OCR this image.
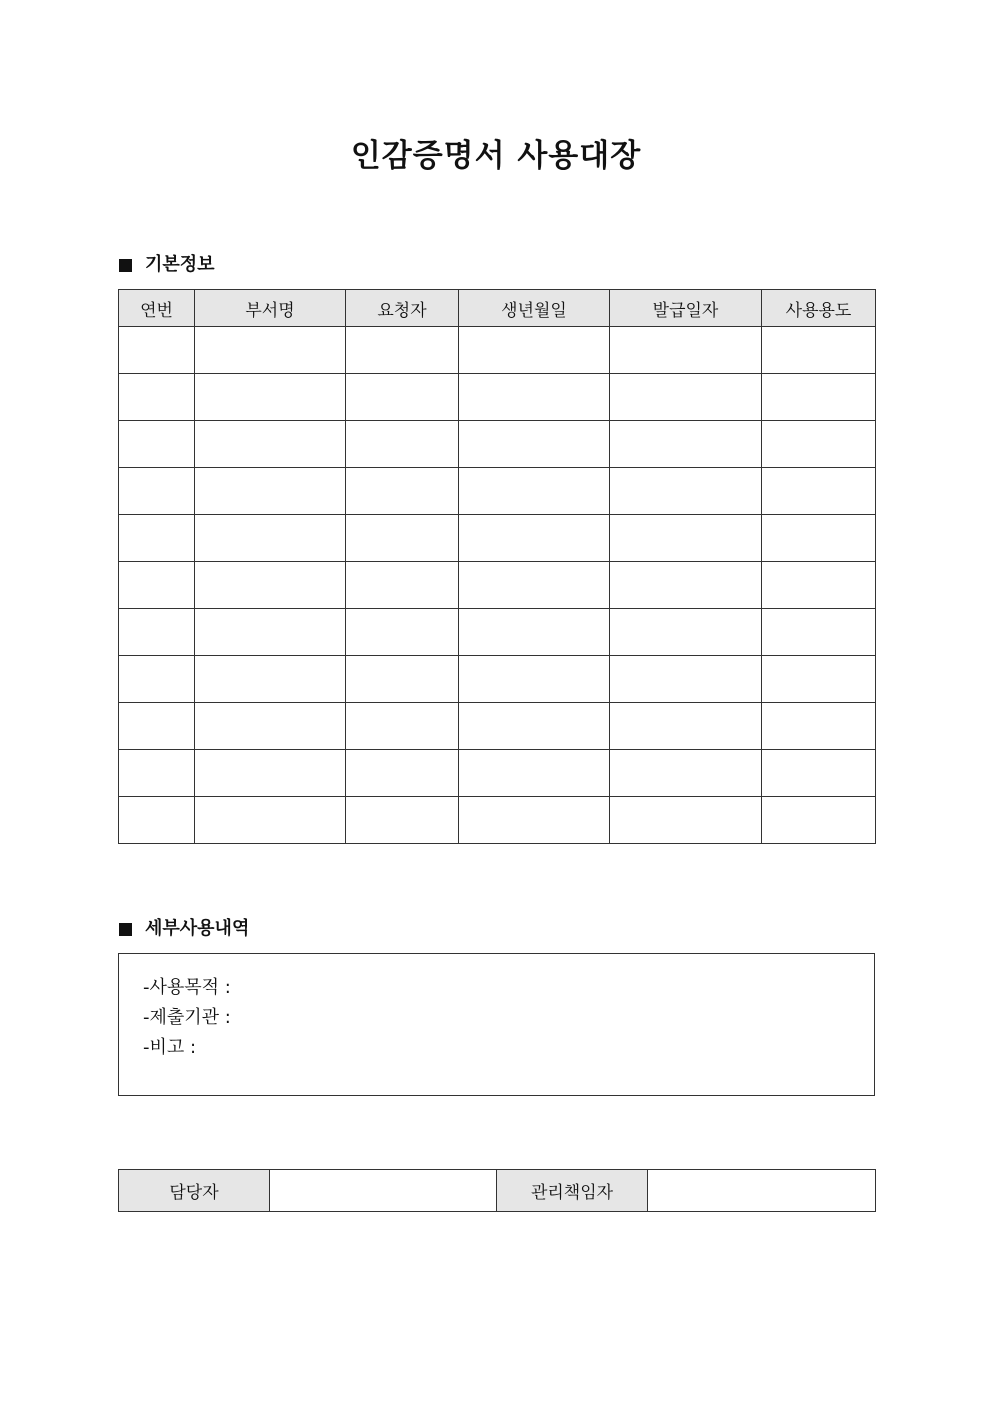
인감증명서 사용대장
기본정보
연번	부서명	요청자	생년월일	발급일자	사용용도

세부사용내역
-사용목적 :
-제출기관 :
-비고 :
담당자		관리책임자	
